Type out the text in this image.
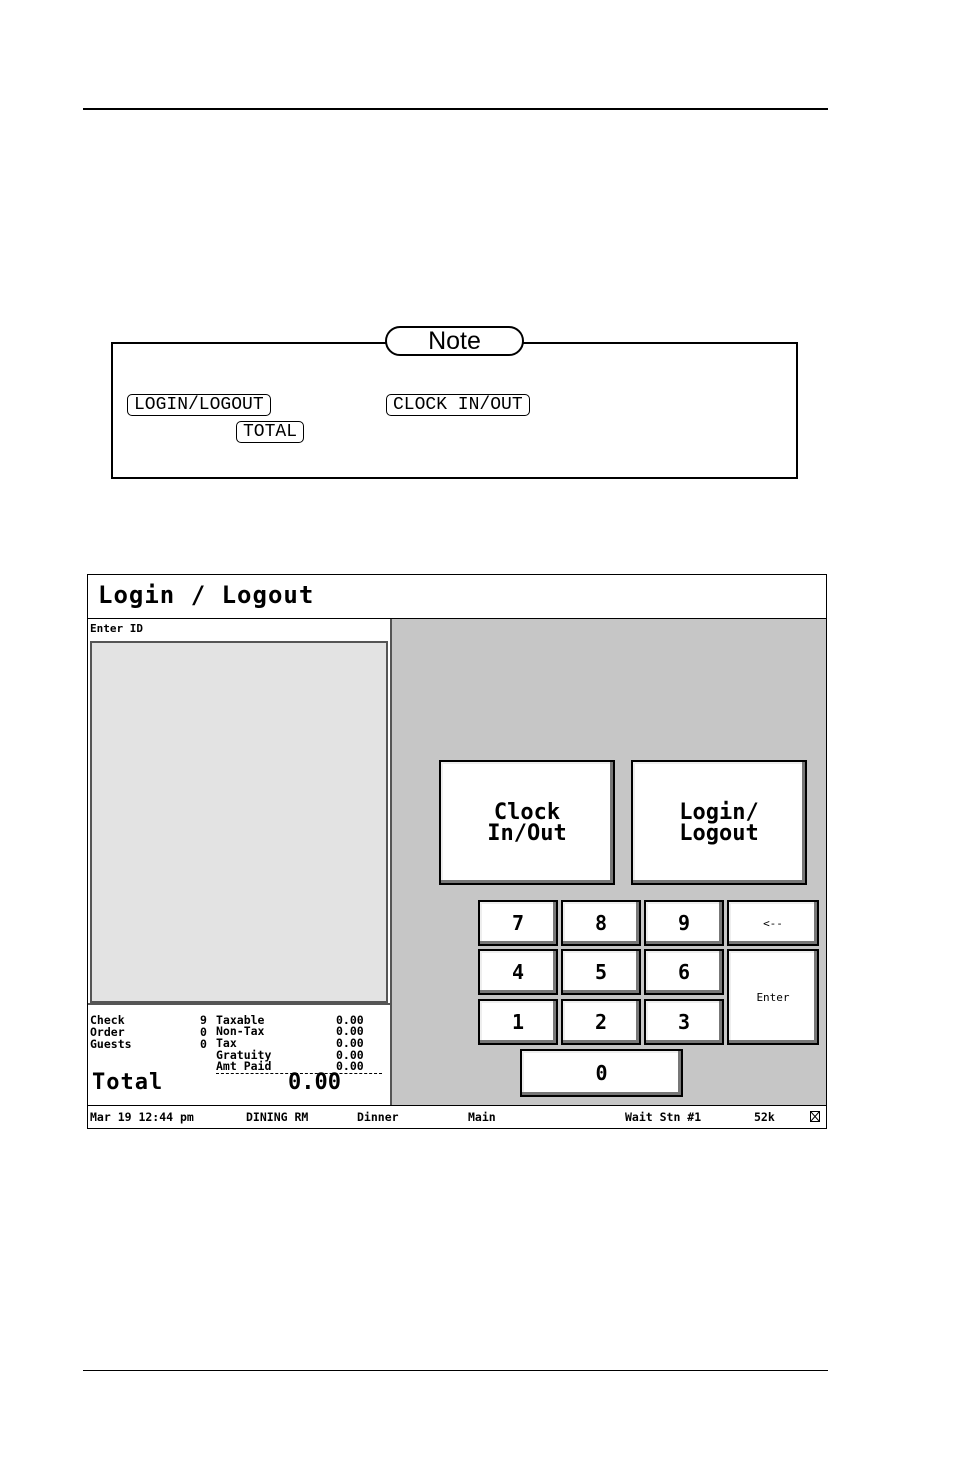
Note
LOGIN/LOGOUT	CLOCK IN/OUT
TOTAL
Login / Logout
Enter ID
Check	9
Order	0
Guests	0
Taxable	0.00
Non-Tax	0.00
Tax	0.00
Gratuity	0.00
Amt Paid	0.00
Total	0.00
Clock
In/Out
Login/
Logout
7	8	9	<--
4	5	6
Enter
1	2	3
0
Mar 19 12:44 pm	DINING RM	Dinner	Main	Wait Stn #1	52k
